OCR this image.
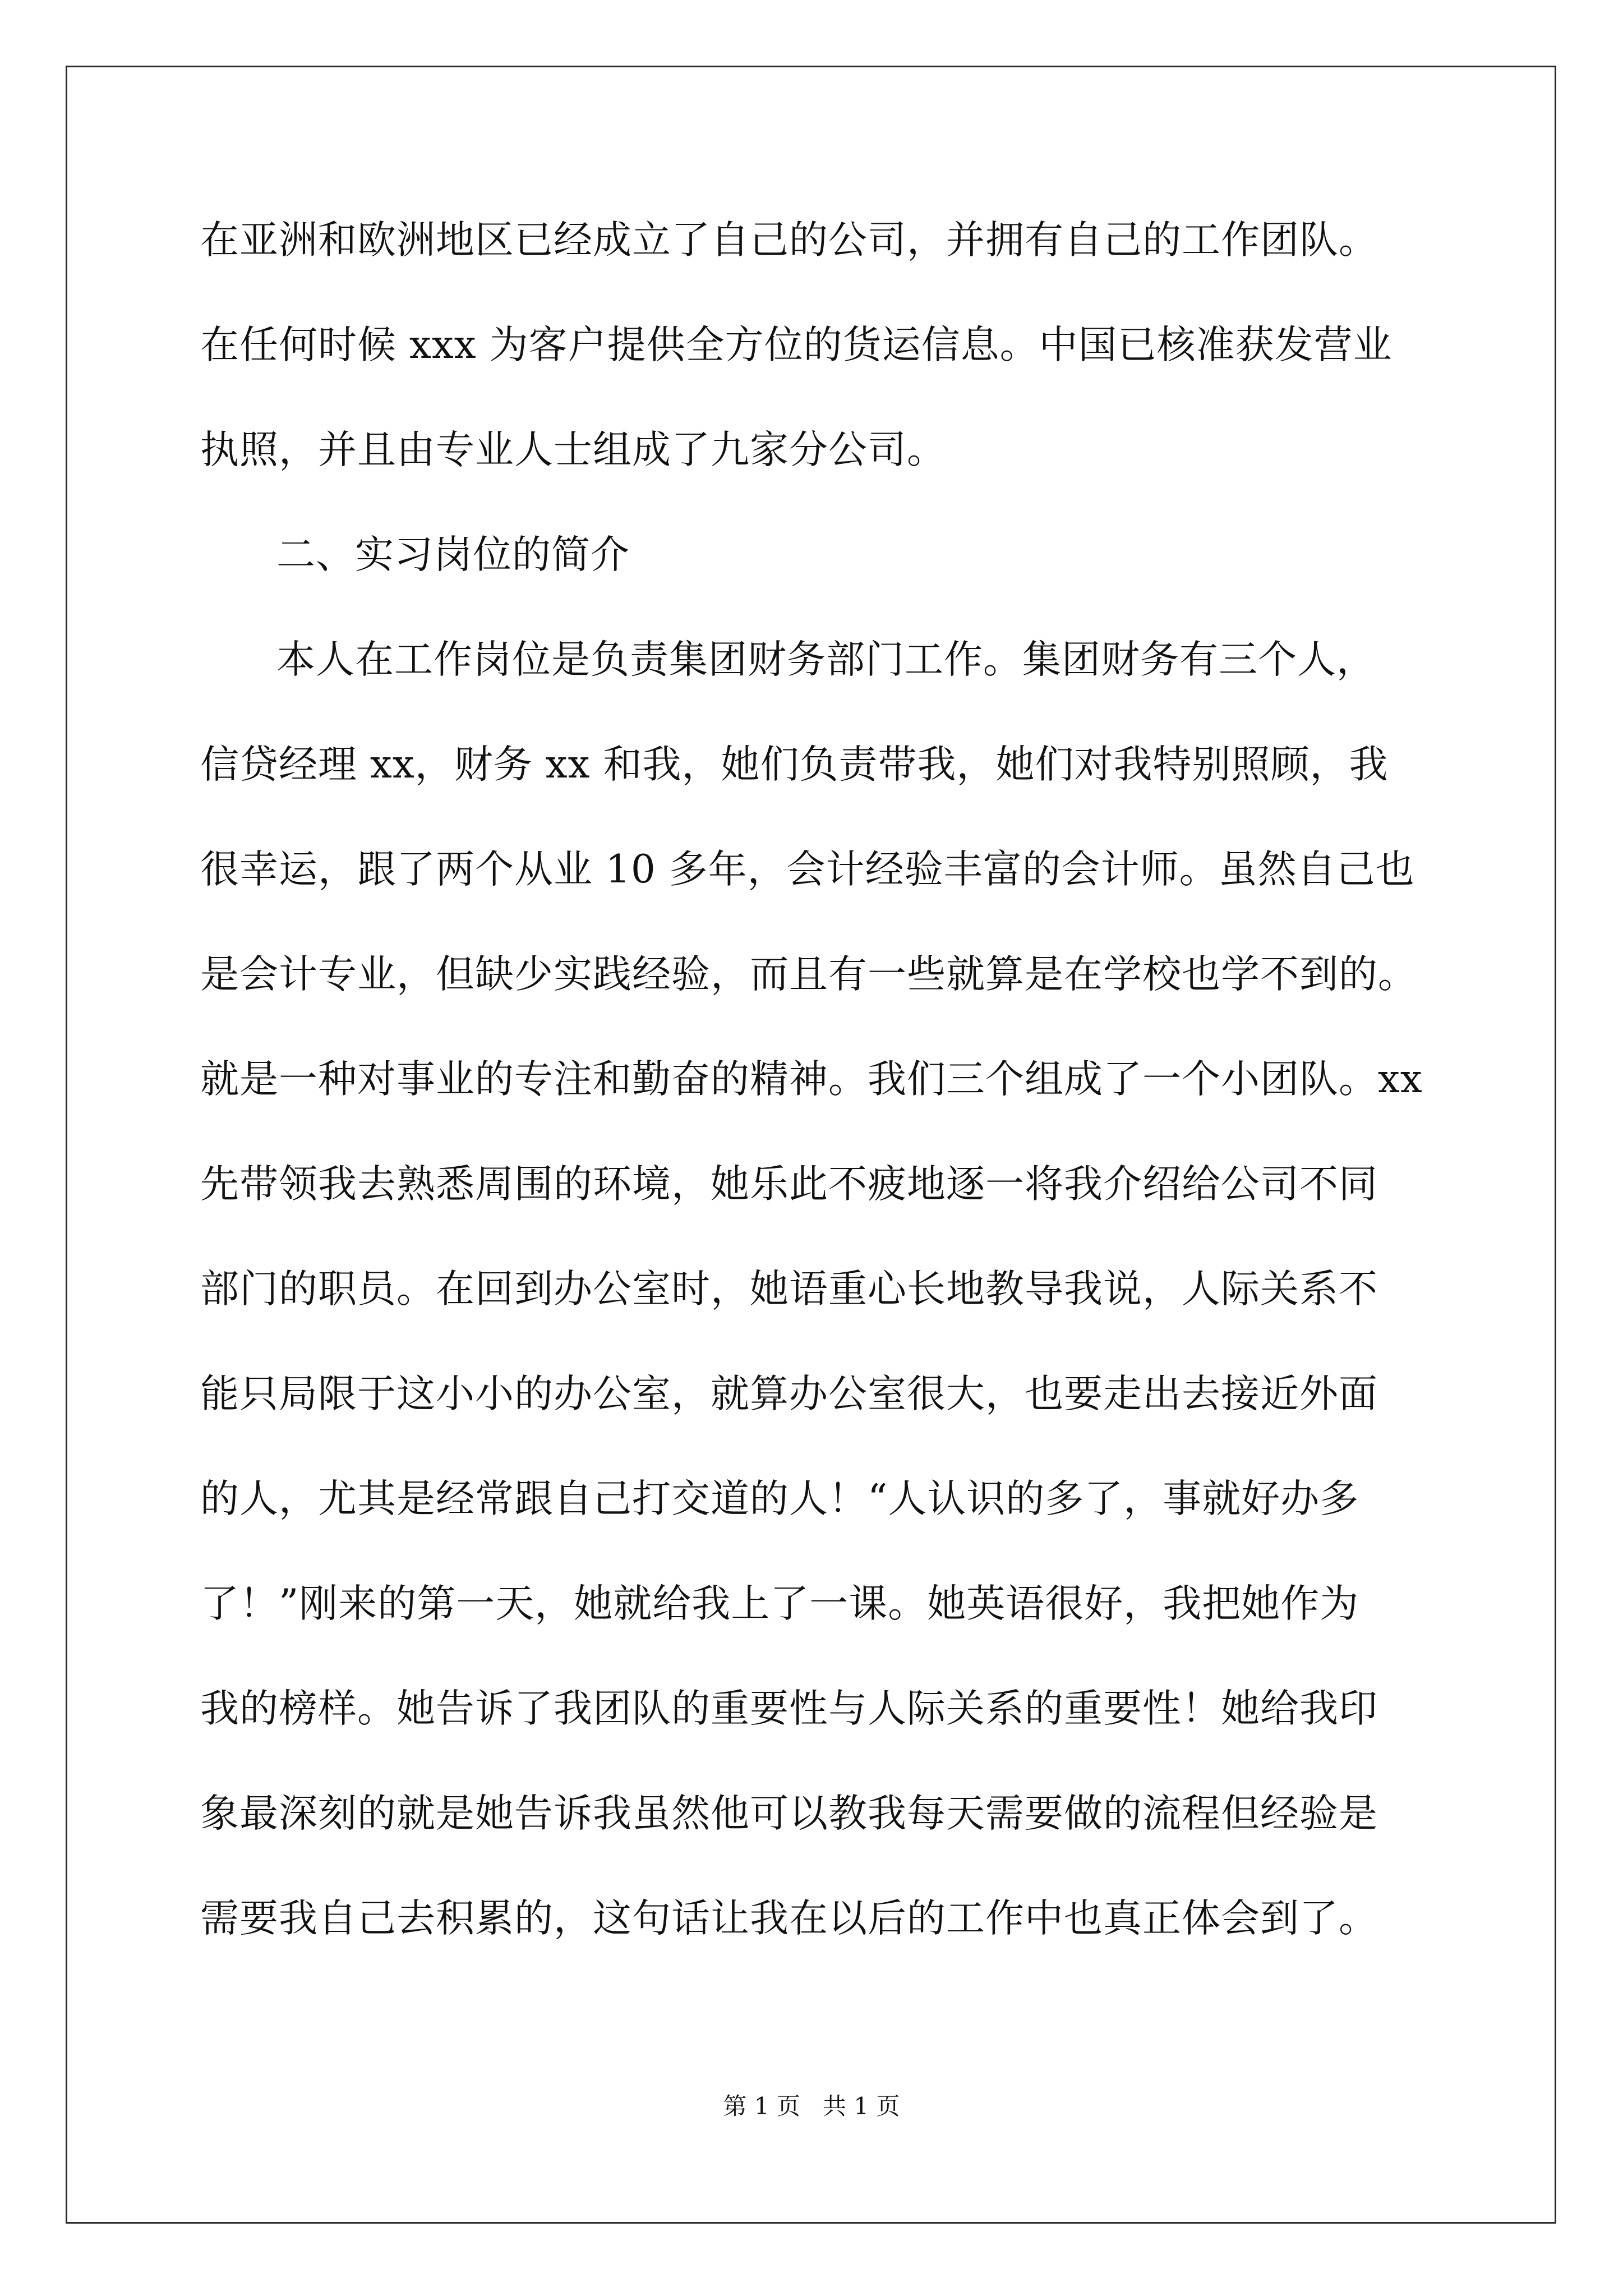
在亚洲和欧洲地区已经成立了自己的公司，并拥有自己的工作团队。

在任何时候 xxx 为客户提供全方位的货运信息。中国已核准获发营业

执照，并且由专业人士组成了九家分公司。

二、实习岗位的简介

本人在工作岗位是负责集团财务部门工作。集团财务有三个人，

信贷经理 xx，财务 xx 和我，她们负责带我，她们对我特别照顾，我

很幸运，跟了两个从业 10 多年，会计经验丰富的会计师。虽然自己也

是会计专业，但缺少实践经验，而且有一些就算是在学校也学不到的。

就是一种对事业的专注和勤奋的精神。我们三个组成了一个小团队。xx

先带领我去熟悉周围的环境，她乐此不疲地逐一将我介绍给公司不同

部门的职员。在回到办公室时，她语重心长地教导我说，人际关系不

能只局限于这小小的办公室，就算办公室很大，也要走出去接近外面

的人，尤其是经常跟自己打交道的人！“人认识的多了，事就好办多

了！”刚来的第一天，她就给我上了一课。她英语很好，我把她作为

我的榜样。她告诉了我团队的重要性与人际关系的重要性！她给我印

象最深刻的就是她告诉我虽然他可以教我每天需要做的流程但经验是

需要我自己去积累的，这句话让我在以后的工作中也真正体会到了。

第 1 页   共 1 页
